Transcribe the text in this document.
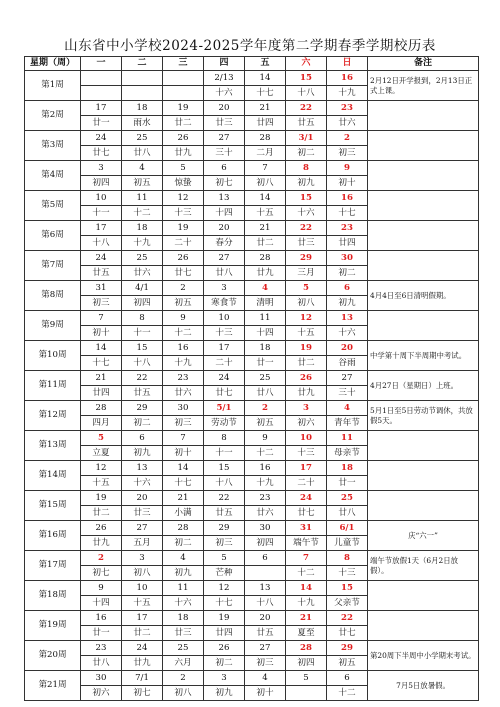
山东省中小学校2024-2025学年度第二学期春季学期校历表
星期（周）	一	二	三	四	五	六	日	备注
第1周				2/13	14	15	16	2月12日开学报到，2月13日正式上课。
				十六	十七	十八	十九	
第2周	17	18	19	20	21	22	23	
	廿一	雨水	廿二	廿三	廿四	廿五	廿六	
第3周	24	25	26	27	28	3/1	2	
	廿七	廿八	廿九	三十	二月	初二	初三	
第4周	3	4	5	6	7	8	9	
	初四	初五	惊蛰	初七	初八	初九	初十	
第5周	10	11	12	13	14	15	16	
	十一	十二	十三	十四	十五	十六	十七	
第6周	17	18	19	20	21	22	23	
	十八	十九	二十	春分	廿二	廿三	廿四	
第7周	24	25	26	27	28	29	30	
	廿五	廿六	廿七	廿八	廿九	三月	初二	
第8周	31	4/1	2	3	4	5	6	4月4日至6日清明假期。
	初三	初四	初五	寒食节	清明	初八	初九	
第9周	7	8	9	10	11	12	13	
	初十	十一	十二	十三	十四	十五	十六	
第10周	14	15	16	17	18	19	20	中学第十周下半周期中考试。
	十七	十八	十九	二十	廿一	廿二	谷雨	
第11周	21	22	23	24	25	26	27	4月27日（星期日）上班。
	廿四	廿五	廿六	廿七	廿八	廿九	三十	
第12周	28	29	30	5/1	2	3	4	5月1日至5日劳动节调休，共放假5天。
	四月	初二	初三	劳动节	初五	初六	青年节	
第13周	5	6	7	8	9	10	11	
	立夏	初九	初十	十一	十二	十三	母亲节	
第14周	12	13	14	15	16	17	18	
	十五	十六	十七	十八	十九	二十	廿一	
第15周	19	20	21	22	23	24	25	
	廿二	廿三	小满	廿五	廿六	廿七	廿八	
第16周	26	27	28	29	30	31	6/1	庆“六一”
	廿九	五月	初二	初三	初四	端午节	儿童节	
第17周	2	3	4	5	6	7	8	端午节放假1天（6月2日放假）。
	初七	初八	初九	芒种		十二	十三	
第18周	9	10	11	12	13	14	15	
	十四	十五	十六	十七	十八	十九	父亲节	
第19周	16	17	18	19	20	21	22	
	廿一	廿二	廿三	廿四	廿五	夏至	廿七	
第20周	23	24	25	26	27	28	29	第20周下半周中小学期末考试。
	廿八	廿九	六月	初二	初三	初四	初五	
第21周	30	7/1	2	3	4	5	6	7月5日放暑假。
	初六	初七	初八	初九	初十		十二	
